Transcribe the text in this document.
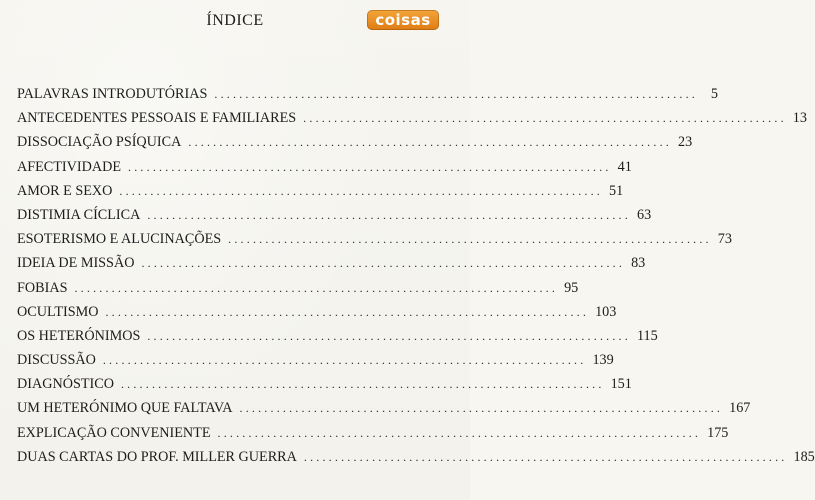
ÍNDICE	coisas
PALAVRAS INTRODUTÓRIAS .............................................................................. 5
ANTECEDENTES PESSOAIS E FAMILIARES .............................................................................. 13
DISSOCIAÇÃO PSÍQUICA .............................................................................. 23
AFECTIVIDADE .............................................................................. 41
AMOR E SEXO .............................................................................. 51
DISTIMIA CÍCLICA .............................................................................. 63
ESOTERISMO E ALUCINAÇÕES .............................................................................. 73
IDEIA DE MISSÃO .............................................................................. 83
FOBIAS .............................................................................. 95
OCULTISMO .............................................................................. 103
OS HETERÓNIMOS .............................................................................. 115
DISCUSSÃO .............................................................................. 139
DIAGNÓSTICO .............................................................................. 151
UM HETERÓNIMO QUE FALTAVA .............................................................................. 167
EXPLICAÇÃO CONVENIENTE .............................................................................. 175
DUAS CARTAS DO PROF. MILLER GUERRA .............................................................................. 185
